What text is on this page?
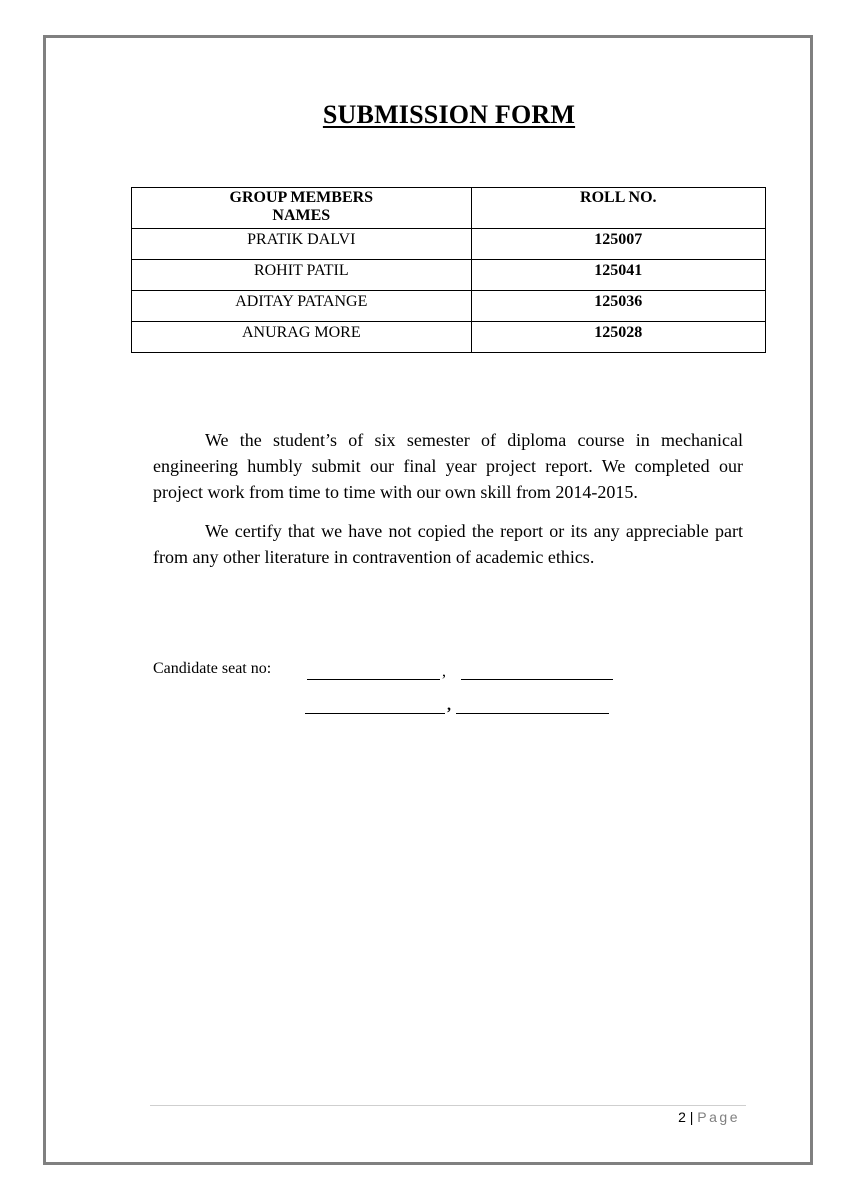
SUBMISSION FORM
GROUP MEMBERS NAMES	ROLL NO.
PRATIK DALVI	125007
ROHIT PATIL	125041
ADITAY PATANGE	125036
ANURAG MORE	125028

We the student’s of six semester of diploma course in mechanical engineering humbly submit our final year project report. We completed our project work from time to time with our own skill from 2014-2015.

We certify that we have not copied the report or its any appreciable part from any other literature in contravention of academic ethics.

Candidate seat no:	,
,
2 | Page
